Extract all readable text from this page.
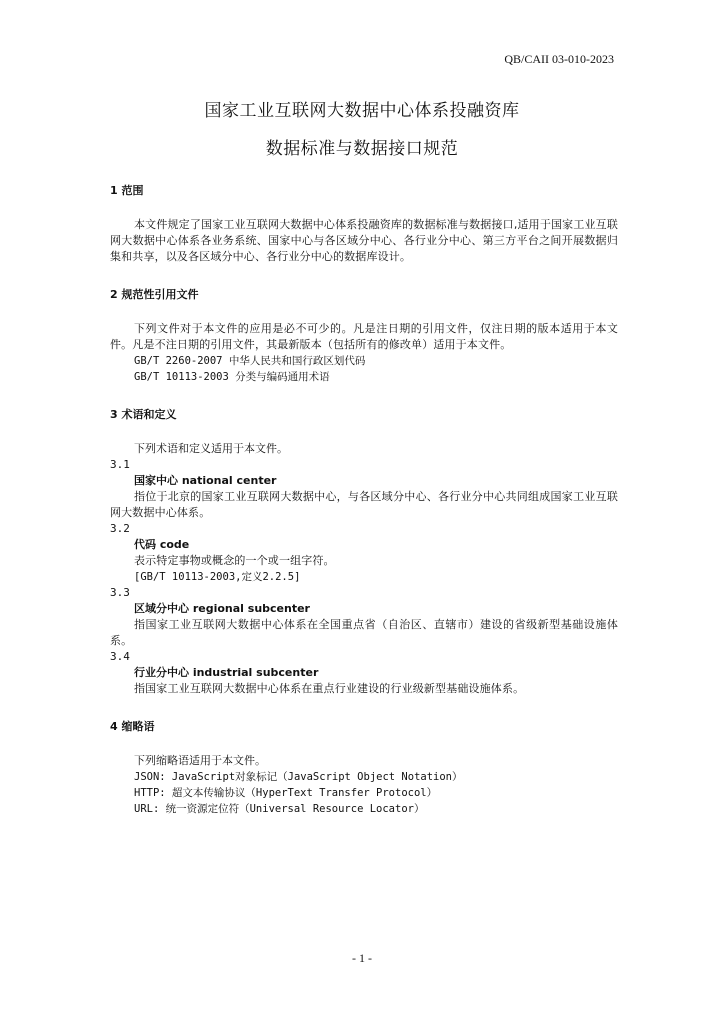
QB/CAII 03-010-2023
国家工业互联网大数据中心体系投融资库
数据标准与数据接口规范
1 范围
本文件规定了国家工业互联网大数据中心体系投融资库的数据标准与数据接口,适用于国家工业互联网大数据中心体系各业务系统、国家中心与各区域分中心、各行业分中心、第三方平台之间开展数据归集和共享，以及各区域分中心、各行业分中心的数据库设计。
2 规范性引用文件
下列文件对于本文件的应用是必不可少的。凡是注日期的引用文件，仅注日期的版本适用于本文件。凡是不注日期的引用文件，其最新版本（包括所有的修改单）适用于本文件。
GB/T 2260-2007 中华人民共和国行政区划代码
GB/T 10113-2003 分类与编码通用术语
3 术语和定义
下列术语和定义适用于本文件。
3.1
国家中心 national center
指位于北京的国家工业互联网大数据中心，与各区域分中心、各行业分中心共同组成国家工业互联网大数据中心体系。
3.2
代码 code
表示特定事物或概念的一个或一组字符。
[GB/T 10113-2003,定义2.2.5]
3.3
区域分中心 regional subcenter
指国家工业互联网大数据中心体系在全国重点省（自治区、直辖市）建设的省级新型基础设施体系。
3.4
行业分中心 industrial subcenter
指国家工业互联网大数据中心体系在重点行业建设的行业级新型基础设施体系。
4 缩略语
下列缩略语适用于本文件。
JSON: JavaScript对象标记（JavaScript Object Notation）
HTTP: 超文本传输协议（HyperText Transfer Protocol）
URL: 统一资源定位符（Universal Resource Locator）
- 1 -
